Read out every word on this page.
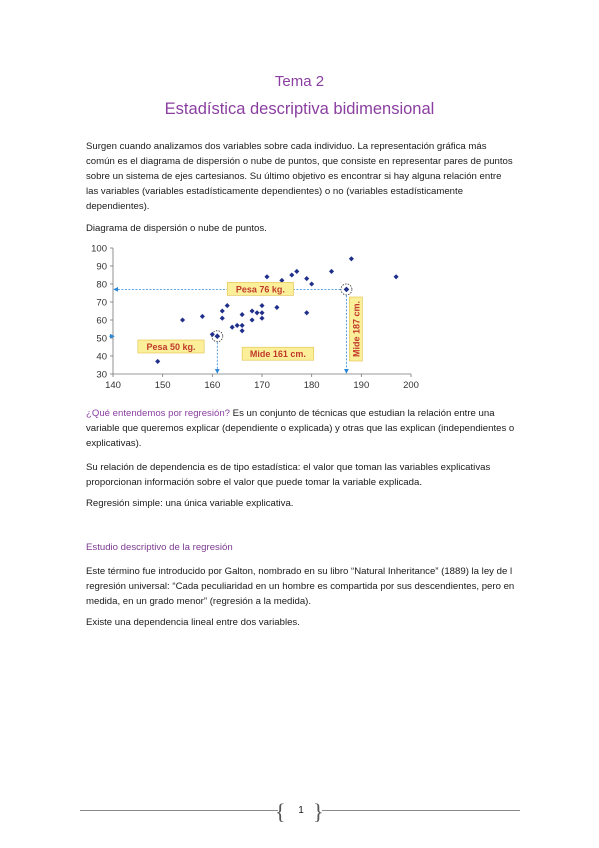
Tema 2
Estadística descriptiva bidimensional

Surgen cuando analizamos dos variables sobre cada individuo. La representación gráfica más común es el diagrama de dispersión o nube de puntos, que consiste en representar pares de puntos sobre un sistema de ejes cartesianos. Su último objetivo es encontrar si hay alguna relación entre las variables (variables estadísticamente dependientes) o no (variables estadísticamente dependientes).

Diagrama de dispersión o nube de puntos.

30
40
50
60
70
80
90
100
140	150	160	170	180	190	200
Pesa 76 kg.
Pesa 50 kg.
Mide 161 cm.	Mide 187 cm.

¿Qué entendemos por regresión? Es un conjunto de técnicas que estudian la relación entre una variable que queremos explicar (dependiente o explicada) y otras que las explican (independientes o explicativas).

Su relación de dependencia es de tipo estadística: el valor que toman las variables explicativas proporcionan información sobre el valor que puede tomar la variable explicada.

Regresión simple: una única variable explicativa.

Estudio descriptivo de la regresión

Este término fue introducido por Galton, nombrado en su libro “Natural Inheritance” (1889) la ley de l regresión universal: “Cada peculiaridad en un hombre es compartida por sus descendientes, pero en medida, en un grado menor” (regresión a la medida).

Existe una dependencia lineal entre dos variables.

{ }
1
